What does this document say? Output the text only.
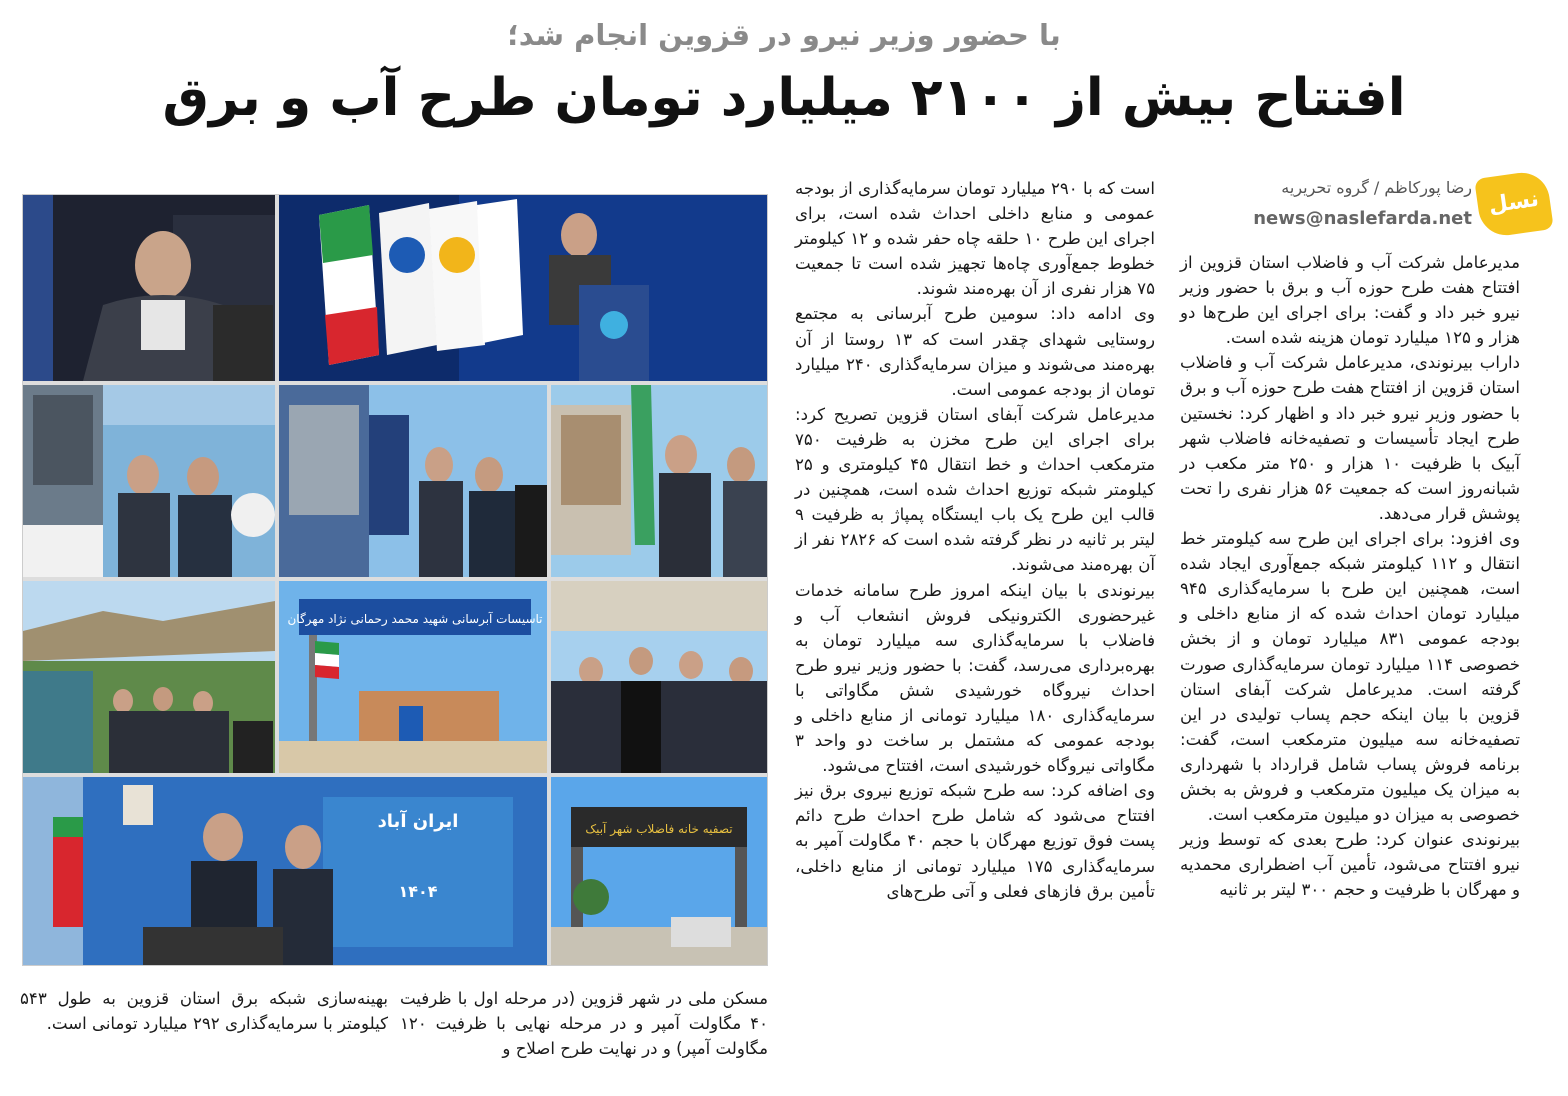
با حضور وزیر نیرو در قزوین انجام شد؛
افتتاح بیش از ۲۱۰۰ میلیارد تومان طرح آب و برق
نسل فردا
رضا پورکاظم / گروه تحریریه
news@naslefarda.net

مدیرعامل شرکت آب و فاضلاب استان قزوین از افتتاح هفت طرح حوزه آب و برق با حضور وزیر نیرو خبر داد و گفت: برای اجرای این طرح‌ها دو هزار و ۱۲۵ میلیارد تومان هزینه شده است.

داراب بیرنوندی، مدیرعامل شرکت آب و فاضلاب استان قزوین از افتتاح هفت طرح حوزه آب و برق با حضور وزیر نیرو خبر داد و اظهار کرد: نخستین طرح ایجاد تأسیسات و تصفیه‌خانه فاضلاب شهر آبیک با ظرفیت ۱۰ هزار و ۲۵۰ متر مکعب در شبانه‌روز است که جمعیت ۵۶ هزار نفری را تحت پوشش قرار می‌دهد.

وی افزود: برای اجرای این طرح سه کیلومتر خط انتقال و ۱۱۲ کیلومتر شبکه جمع‌آوری ایجاد شده است، همچنین این طرح با سرمایه‌گذاری ۹۴۵ میلیارد تومان احداث شده که از منابع داخلی و بودجه عمومی ۸۳۱ میلیارد تومان و از بخش خصوصی ۱۱۴ میلیارد تومان سرمایه‌گذاری صورت گرفته است. مدیرعامل شرکت آبفای استان قزوین با بیان اینکه حجم پساب تولیدی در این تصفیه‌خانه سه میلیون مترمکعب است، گفت: برنامه فروش پساب شامل قرارداد با شهرداری به میزان یک میلیون مترمکعب و فروش به بخش خصوصی به میزان دو میلیون مترمکعب است.

بیرنوندی عنوان کرد: طرح بعدی که توسط وزیر نیرو افتتاح می‌شود، تأمین آب اضطراری محمدیه و مهرگان با ظرفیت و حجم ۳۰۰ لیتر بر ثانیه

است که با ۲۹۰ میلیارد تومان سرمایه‌گذاری از بودجه عمومی و منابع داخلی احداث شده است، برای اجرای این طرح ۱۰ حلقه چاه حفر شده و ۱۲ کیلومتر خطوط جمع‌آوری چاه‌ها تجهیز شده است تا جمعیت ۷۵ هزار نفری از آن بهره‌مند شوند.

وی ادامه داد: سومین طرح آبرسانی به مجتمع روستایی شهدای چقدر است که ۱۳ روستا از آن بهره‌مند می‌شوند و میزان سرمایه‌گذاری ۲۴۰ میلیارد تومان از بودجه عمومی است.

مدیرعامل شرکت آبفای استان قزوین تصریح کرد: برای اجرای این طرح مخزن به ظرفیت ۷۵۰ مترمکعب احداث و خط انتقال ۴۵ کیلومتری و ۲۵ کیلومتر شبکه توزیع احداث شده است، همچنین در قالب این طرح یک باب ایستگاه پمپاژ به ظرفیت ۹ لیتر بر ثانیه در نظر گرفته شده است که ۲۸۲۶ نفر از آن بهره‌مند می‌شوند.

بیرنوندی با بیان اینکه امروز طرح سامانه خدمات غیرحضوری الکترونیکی فروش انشعاب آب و فاضلاب با سرمایه‌گذاری سه میلیارد تومان به بهره‌برداری می‌رسد، گفت: با حضور وزیر نیرو طرح احداث نیروگاه خورشیدی شش مگاواتی با سرمایه‌گذاری ۱۸۰ میلیارد تومانی از منابع داخلی و بودجه عمومی که مشتمل بر ساخت دو واحد ۳ مگاواتی نیروگاه خورشیدی است، افتتاح می‌شود.

وی اضافه کرد: سه طرح شبکه توزیع نیروی برق نیز افتتاح می‌شود که شامل طرح احداث طرح دائم پست فوق توزیع مهرگان با حجم ۴۰ مگاولت آمپر به سرمایه‌گذاری ۱۷۵ میلیارد تومانی از منابع داخلی، تأمین برق فازهای فعلی و آتی طرح‌های

مسکن ملی در شهر قزوین (در مرحله اول با ظرفیت ۴۰ مگاولت آمپر و در مرحله نهایی با ظرفیت ۱۲۰ مگاولت آمپر) و در نهایت طرح اصلاح و
بهینه‌سازی شبکه برق استان قزوین به طول ۵۴۳ کیلومتر با سرمایه‌گذاری ۲۹۲ میلیارد تومانی است.
تاسیسات آبرسانی شهید محمد رحمانی نژاد مهرگان
ایران آباد
۱۴۰۴
تصفیه خانه فاضلاب شهر آبیک
